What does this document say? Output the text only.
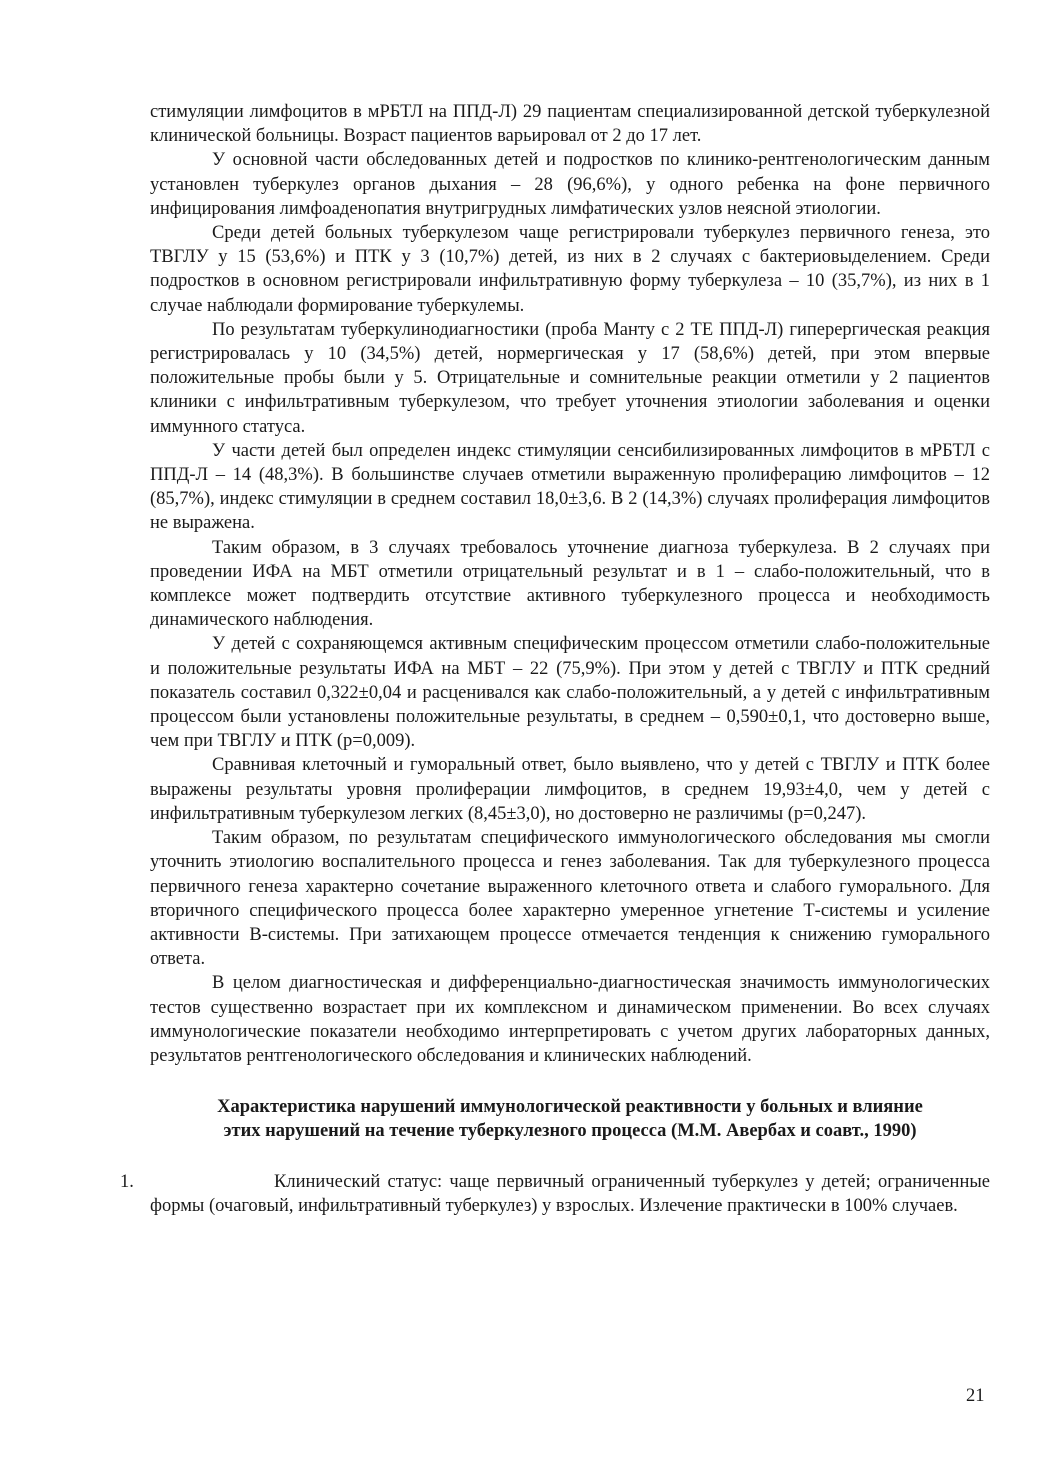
стимуляции лимфоцитов в мРБТЛ на ППД-Л) 29 пациентам специализированной детской туберкулезной клинической больницы. Возраст пациентов варьировал от 2 до 17 лет.

У основной части обследованных детей и подростков по клинико-рентгенологическим данным установлен туберкулез органов дыхания – 28 (96,6%), у одного ребенка на фоне первичного инфицирования лимфоаденопатия внутригрудных лимфатических узлов неясной этиологии.

Среди детей больных туберкулезом чаще регистрировали туберкулез первичного генеза, это ТВГЛУ у 15 (53,6%) и ПТК у 3 (10,7%) детей, из них в 2 случаях с бактериовыделением. Среди подростков в основном регистрировали инфильтративную форму туберкулеза – 10 (35,7%), из них в 1 случае наблюдали формирование туберкулемы.

По результатам туберкулинодиагностики (проба Манту с 2 ТЕ ППД-Л) гиперергическая реакция регистрировалась у 10 (34,5%) детей, нормергическая у 17 (58,6%) детей, при этом впервые положительные пробы были у 5. Отрицательные и сомнительные реакции отметили у 2 пациентов клиники с инфильтративным туберкулезом, что требует уточнения этиологии заболевания и оценки иммунного статуса.

У части детей был определен индекс стимуляции сенсибилизированных лимфоцитов в мРБТЛ с ППД-Л – 14 (48,3%). В большинстве случаев отметили выраженную пролиферацию лимфоцитов – 12 (85,7%), индекс стимуляции в среднем составил 18,0±3,6. В 2 (14,3%) случаях пролиферация лимфоцитов не выражена.

Таким образом, в 3 случаях требовалось уточнение диагноза туберкулеза. В 2 случаях при проведении ИФА на МБТ отметили отрицательный результат и в 1 – слабо-положительный, что в комплексе может подтвердить отсутствие активного туберкулезного процесса и необходимость динамического наблюдения.

У детей с сохраняющемся активным специфическим процессом отметили слабо-положительные и положительные результаты ИФА на МБТ – 22 (75,9%). При этом у детей с ТВГЛУ и ПТК средний показатель составил 0,322±0,04 и расценивался как слабо-положительный, а у детей с инфильтративным процессом были установлены положительные результаты, в среднем – 0,590±0,1, что достоверно выше, чем при ТВГЛУ и ПТК (р=0,009).

Сравнивая клеточный и гуморальный ответ, было выявлено, что у детей с ТВГЛУ и ПТК более выражены результаты уровня пролиферации лимфоцитов, в среднем 19,93±4,0, чем у детей с инфильтративным туберкулезом легких (8,45±3,0), но достоверно не различимы (р=0,247).

Таким образом, по результатам специфического иммунологического обследования мы смогли уточнить этиологию воспалительного процесса и генез заболевания. Так для туберкулезного процесса первичного генеза характерно сочетание выраженного клеточного ответа и слабого гуморального. Для вторичного специфического процесса более характерно умеренное угнетение Т-системы и усиление активности В-системы. При затихающем процессе отмечается тенденция к снижению гуморального ответа.

В целом диагностическая и дифференциально-диагностическая значимость иммунологических тестов существенно возрастает при их комплексном и динамическом применении. Во всех случаях иммунологические показатели необходимо интерпретировать с учетом других лабораторных данных, результатов рентгенологического обследования и клинических наблюдений.

Характеристика нарушений иммунологической реактивности у больных и влияние
этих нарушений на течение туберкулезного процесса (М.М. Авербах и соавт., 1990)
1.	Клинический статус: чаще первичный ограниченный туберкулез у детей; ограниченные формы (очаговый, инфильтративный туберкулез) у взрослых. Излечение практически в 100% случаев.
21
